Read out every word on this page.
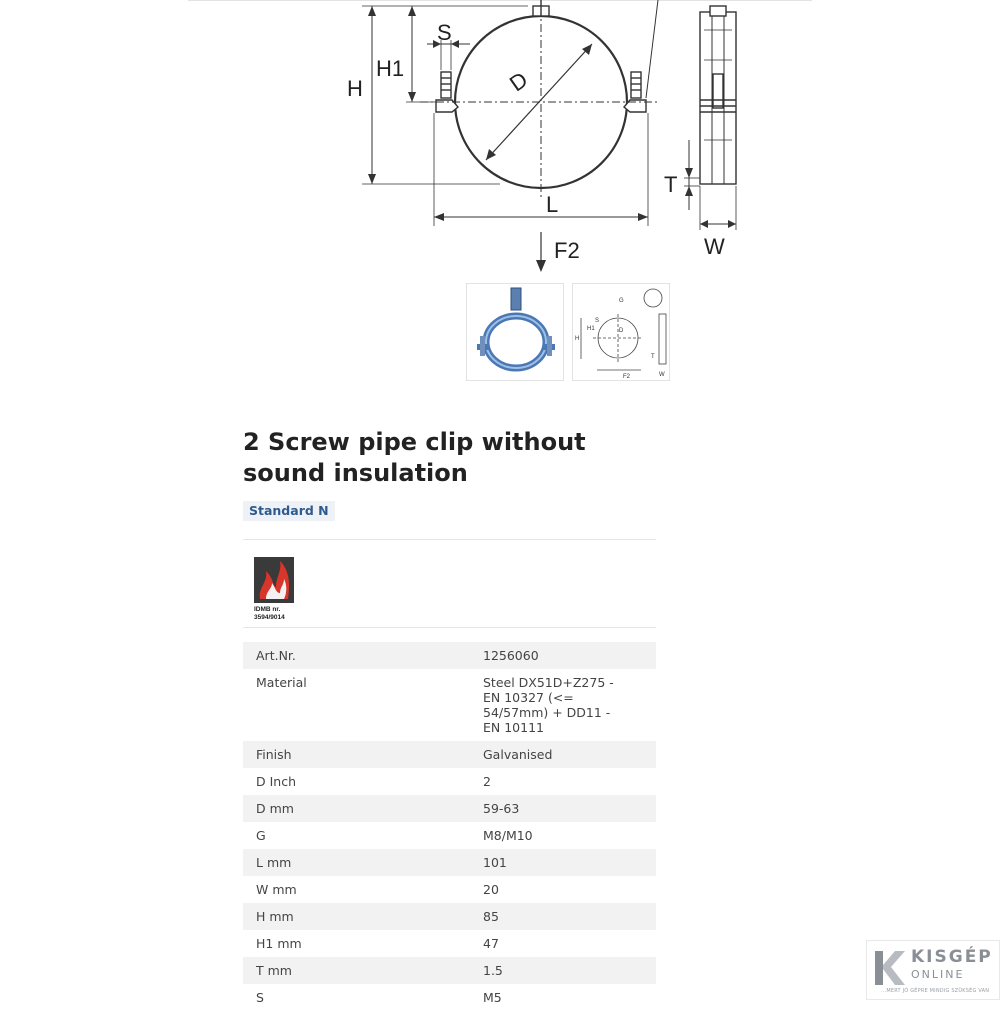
H
H1
S
D
L
F2
T
W
G
S
H1
H
D
T
F2	W
2 Screw pipe clip without sound insulation
Standard N
IDMB nr.
3594/9014
Art.Nr.	1256060
Material	Steel DX51D+Z275 - EN 10327 (<= 54/57mm) + DD11 - EN 10111
Finish	Galvanised
D Inch	2
D mm	59-63
G	M8/M10
L mm	101
W mm	20
H mm	85
H1 mm	47
T mm	1.5
S	M5
KISGÉP
ONLINE
...MERT JÓ GÉPRE MINDIG SZÜKSÉG VAN
